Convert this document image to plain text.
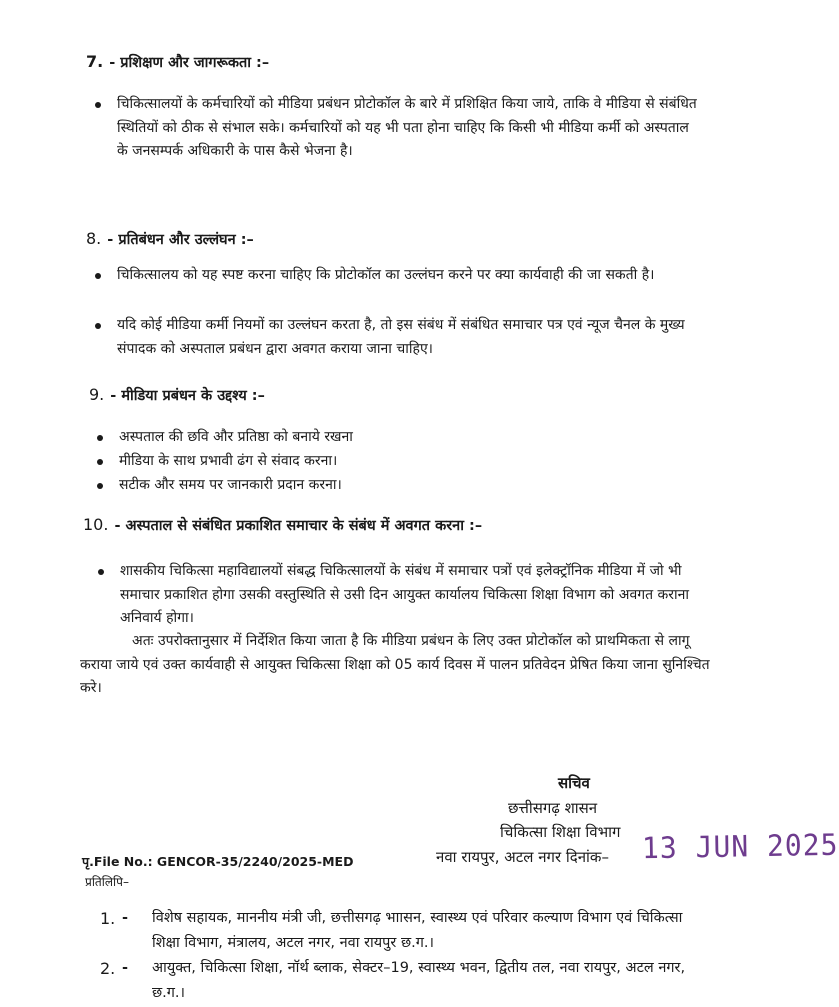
7. - प्रशिक्षण और जागरूकता :–
चिकित्सालयों के कर्मचारियों को मीडिया प्रबंधन प्रोटोकॉल के बारे में प्रशिक्षित किया जाये, ताकि वे मीडिया से संबंधित स्थितियों को ठीक से संभाल सके। कर्मचारियों को यह भी पता होना चाहिए कि किसी भी मीडिया कर्मी को अस्पताल के जनसम्पर्क अधिकारी के पास कैसे भेजना है।
8. - प्रतिबंधन और उल्लंघन :–
चिकित्सालय को यह स्पष्ट करना चाहिए कि प्रोटोकॉल का उल्लंघन करने पर क्या कार्यवाही की जा सकती है।
यदि कोई मीडिया कर्मी नियमों का उल्लंघन करता है, तो इस संबंध में संबंधित समाचार पत्र एवं न्यूज चैनल के मुख्य संपादक को अस्पताल प्रबंधन द्वारा अवगत कराया जाना चाहिए।
9. - मीडिया प्रबंधन के उद्दश्य :–
अस्पताल की छवि और प्रतिष्ठा को बनाये रखना
मीडिया के साथ प्रभावी ढंग से संवाद करना।
सटीक और समय पर जानकारी प्रदान करना।
10. - अस्पताल से संबंधित प्रकाशित समाचार के संबंध में अवगत करना :–
शासकीय चिकित्सा महाविद्यालयों संबद्ध चिकित्सालयों के संबंध में समाचार पत्रों एवं इलेक्ट्रॉनिक मीडिया में जो भी समाचार प्रकाशित होगा उसकी वस्तुस्थिति से उसी दिन आयुक्त कार्यालय चिकित्सा शिक्षा विभाग को अवगत कराना अनिवार्य होगा।
अतः उपरोक्तानुसार में निर्देशित किया जाता है कि मीडिया प्रबंधन के लिए उक्त प्रोटोकॉल को प्राथमिकता से लागू कराया जाये एवं उक्त कार्यवाही से आयुक्त चिकित्सा शिक्षा को 05 कार्य दिवस में पालन प्रतिवेदन प्रेषित किया जाना सुनिश्चित करे।
सचिव
छत्तीसगढ़ शासन
चिकित्सा शिक्षा विभाग
नवा रायपुर, अटल नगर दिनांक– 13 JUN 2025
पृ.File No.: GENCOR-35/2240/2025-MED
प्रतिलिपि–
1. - विशेष सहायक, माननीय मंत्री जी, छत्तीसगढ़ भाासन, स्वास्थ्य एवं परिवार कल्याण विभाग एवं चिकित्सा शिक्षा विभाग, मंत्रालय, अटल नगर, नवा रायपुर छ.ग.।
2. - आयुक्त, चिकित्सा शिक्षा, नॉर्थ ब्लाक, सेक्टर–19, स्वास्थ्य भवन, द्वितीय तल, नवा रायपुर, अटल नगर, छ.ग.।
